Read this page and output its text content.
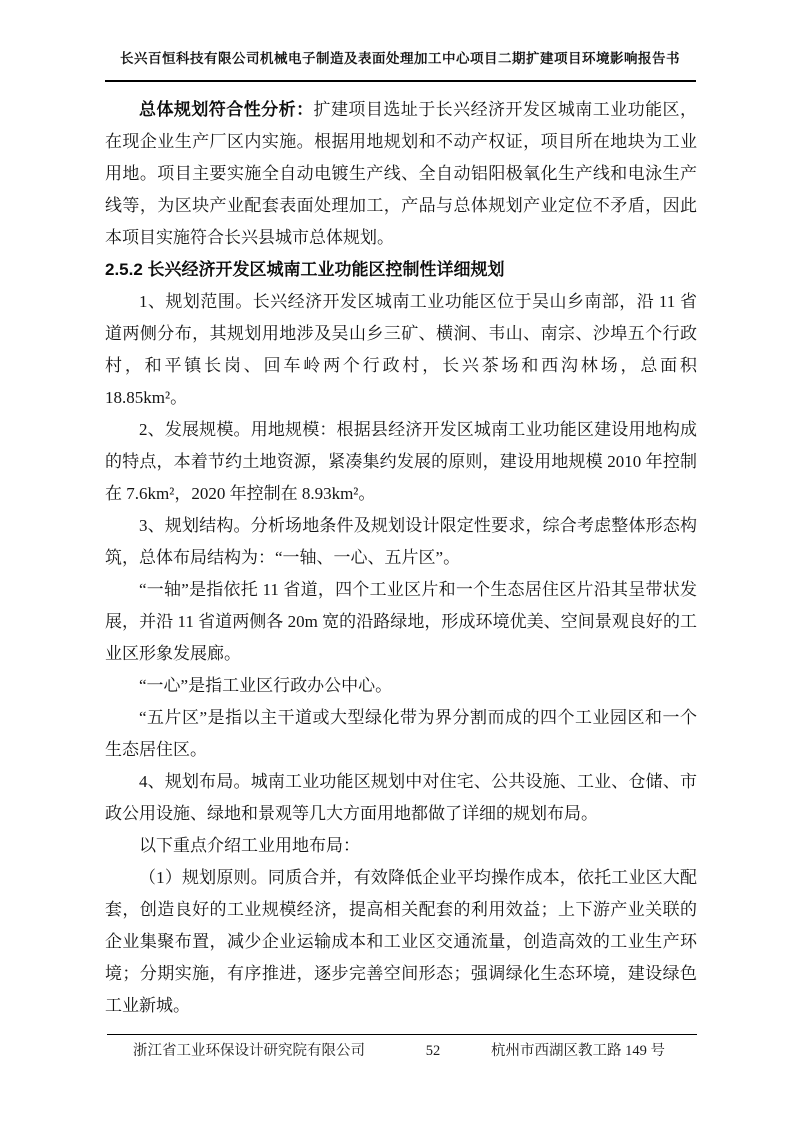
长兴百恒科技有限公司机械电子制造及表面处理加工中心项目二期扩建项目环境影响报告书

总体规划符合性分析：扩建项目选址于长兴经济开发区城南工业功能区，在现企业生产厂区内实施。根据用地规划和不动产权证，项目所在地块为工业用地。项目主要实施全自动电镀生产线、全自动铝阳极氧化生产线和电泳生产线等，为区块产业配套表面处理加工，产品与总体规划产业定位不矛盾，因此本项目实施符合长兴县城市总体规划。

2.5.2 长兴经济开发区城南工业功能区控制性详细规划

1、规划范围。长兴经济开发区城南工业功能区位于吴山乡南部，沿 11 省道两侧分布，其规划用地涉及吴山乡三矿、横涧、韦山、南宗、沙埠五个行政村，和平镇长岗、回车岭两个行政村，长兴茶场和西沟林场，总面积18.85km²。

2、发展规模。用地规模：根据县经济开发区城南工业功能区建设用地构成的特点，本着节约土地资源，紧凑集约发展的原则，建设用地规模 2010 年控制在 7.6km²，2020 年控制在 8.93km²。

3、规划结构。分析场地条件及规划设计限定性要求，综合考虑整体形态构筑，总体布局结构为：“一轴、一心、五片区”。

“一轴”是指依托 11 省道，四个工业区片和一个生态居住区片沿其呈带状发展，并沿 11 省道两侧各 20m 宽的沿路绿地，形成环境优美、空间景观良好的工业区形象发展廊。

“一心”是指工业区行政办公中心。

“五片区”是指以主干道或大型绿化带为界分割而成的四个工业园区和一个生态居住区。

4、规划布局。城南工业功能区规划中对住宅、公共设施、工业、仓储、市政公用设施、绿地和景观等几大方面用地都做了详细的规划布局。

以下重点介绍工业用地布局：

（1）规划原则。同质合并，有效降低企业平均操作成本，依托工业区大配套，创造良好的工业规模经济，提高相关配套的利用效益；上下游产业关联的企业集聚布置，减少企业运输成本和工业区交通流量，创造高效的工业生产环境；分期实施，有序推进，逐步完善空间形态；强调绿化生态环境，建设绿色工业新城。

浙江省工业环保设计研究院有限公司	52	杭州市西湖区教工路 149 号
